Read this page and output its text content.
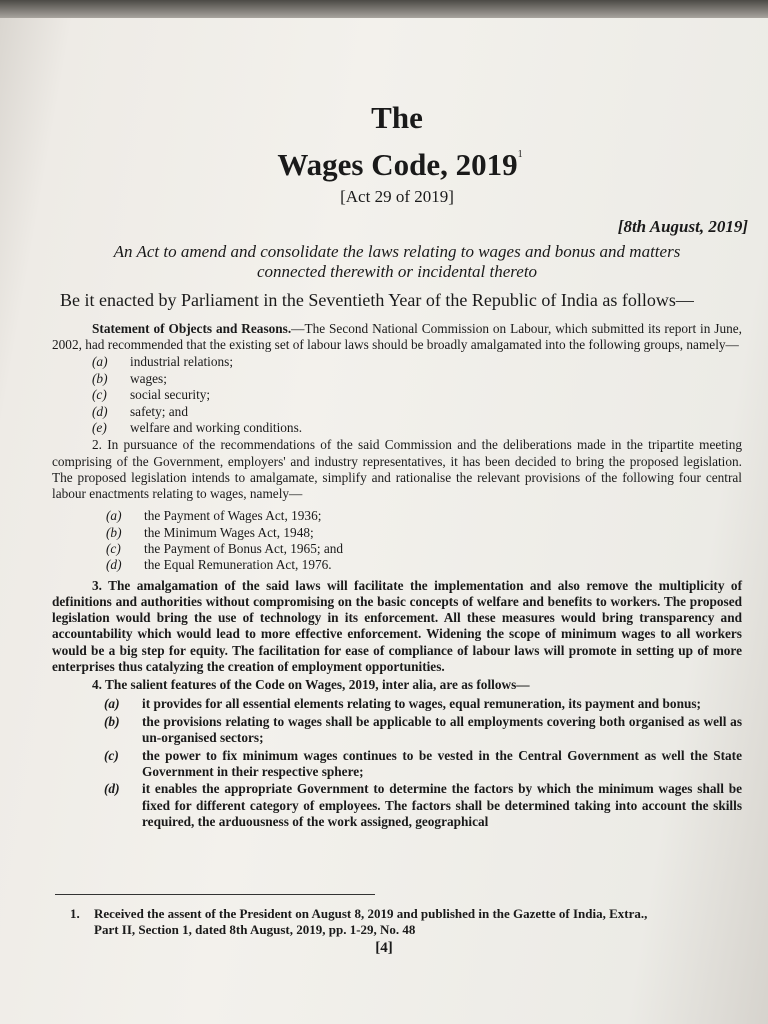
The
Wages Code, 2019$^1$
[Act 29 of 2019]
[8th August, 2019]
An Act to amend and consolidate the laws relating to wages and bonus and matters connected therewith or incidental thereto
Be it enacted by Parliament in the Seventieth Year of the Republic of India as follows—

Statement of Objects and Reasons.—The Second National Commission on Labour, which submitted its report in June, 2002, had recommended that the existing set of labour laws should be broadly amalgamated into the following groups, namely—

(a)	industrial relations;
(b)	wages;
(c)	social security;
(d)	safety; and
(e)	welfare and working conditions.

2. In pursuance of the recommendations of the said Commission and the deliberations made in the tripartite meeting comprising of the Government, employers' and industry representatives, it has been decided to bring the proposed legislation. The proposed legislation intends to amalgamate, simplify and rationalise the relevant provisions of the following four central labour enactments relating to wages, namely—

(a)	the Payment of Wages Act, 1936;
(b)	the Minimum Wages Act, 1948;
(c)	the Payment of Bonus Act, 1965; and
(d)	the Equal Remuneration Act, 1976.

3. The amalgamation of the said laws will facilitate the implementation and also remove the multiplicity of definitions and authorities without compromising on the basic concepts of welfare and benefits to workers. The proposed legislation would bring the use of technology in its enforcement. All these measures would bring transparency and accountability which would lead to more effective enforcement. Widening the scope of minimum wages to all workers would be a big step for equity. The facilitation for ease of compliance of labour laws will promote in setting up of more enterprises thus catalyzing the creation of employment opportunities.

4. The salient features of the Code on Wages, 2019, inter alia, are as follows—

(a)	it provides for all essential elements relating to wages, equal remuneration, its payment and bonus;
(b)	the provisions relating to wages shall be applicable to all employments covering both organised as well as un-organised sectors;
(c)	the power to fix minimum wages continues to be vested in the Central Government as well the State Government in their respective sphere;
(d)	it enables the appropriate Government to determine the factors by which the minimum wages shall be fixed for different category of employees. The factors shall be determined taking into account the skills required, the arduousness of the work assigned, geographical
1. Received the assent of the President on August 8, 2019 and published in the Gazette of India, Extra.,
Part II, Section 1, dated 8th August, 2019, pp. 1-29, No. 48
[4]
